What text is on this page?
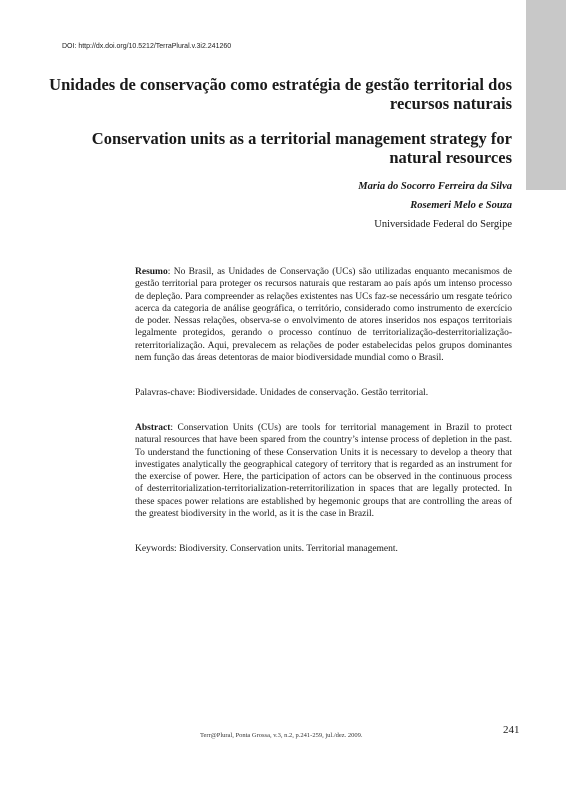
DOI: http://dx.doi.org/10.5212/TerraPlural.v.3i2.241260
Unidades de conservação como estratégia de gestão territorial dos recursos naturais
Conservation units as a territorial management strategy for natural resources
Maria do Socorro Ferreira da Silva
Rosemeri Melo e Souza
Universidade Federal do Sergipe

Resumo: No Brasil, as Unidades de Conservação (UCs) são utilizadas enquanto mecanismos de gestão territorial para proteger os recursos naturais que restaram ao país após um intenso processo de depleção. Para compreender as relações existentes nas UCs faz-se necessário um resgate teórico acerca da categoria de análise geográfica, o território, considerado como instrumento de exercício de poder. Nessas relações, observa-se o envolvimento de atores inseridos nos espaços territoriais legalmente protegidos, gerando o processo contínuo de territorialização-desterritorialização-reterritorialização. Aqui, prevalecem as relações de poder estabelecidas pelos grupos dominantes nem função das áreas detentoras de maior biodiversidade mundial como o Brasil.

Palavras-chave: Biodiversidade. Unidades de conservação. Gestão territorial.

Abstract: Conservation Units (CUs) are tools for territorial management in Brazil to protect natural resources that have been spared from the country’s intense process of depletion in the past. To understand the functioning of these Conservation Units it is necessary to develop a theory that investigates analytically the geographical category of territory that is regarded as an instrument for the exercise of power. Here, the participation of actors can be observed in the continuous process of desterritorialization-territorialization-reterritorilization in spaces that are legally protected. In these spaces power relations are established by hegemonic groups that are controlling the areas of the greatest biodiversity in the world, as it is the case in Brazil.

Keywords: Biodiversity. Conservation units. Territorial management.

Terr@Plural, Ponta Grossa, v.3, n.2, p.241-259, jul./dez. 2009.	241
